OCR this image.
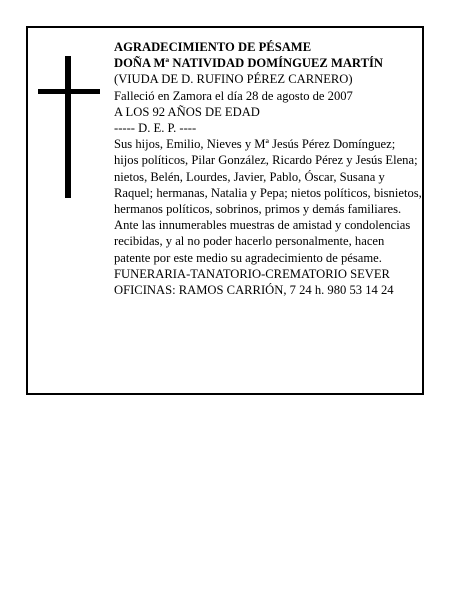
AGRADECIMIENTO DE PÉSAME

DOÑA Mª NATIVIDAD DOMÍNGUEZ MARTÍN

(VIUDA DE D. RUFINO PÉREZ CARNERO)

Falleció en Zamora el día 28 de agosto de 2007

A LOS 92 AÑOS DE EDAD

----- D. E. P. ----

Sus hijos, Emilio, Nieves y Mª Jesús Pérez Domínguez; hijos políticos, Pilar González, Ricardo Pérez y Jesús Elena; nietos, Belén, Lourdes, Javier, Pablo, Óscar, Susana y Raquel; hermanas, Natalia y Pepa; nietos políticos, bisnietos, hermanos políticos, sobrinos, primos y demás familiares.

Ante las innumerables muestras de amistad y condolencias recibidas, y al no poder hacerlo personalmente, hacen patente por este medio su agradecimiento de pésame.

FUNERARIA-TANATORIO-CREMATORIO SEVER

OFICINAS: RAMOS CARRIÓN, 7 24 h. 980 53 14 24
